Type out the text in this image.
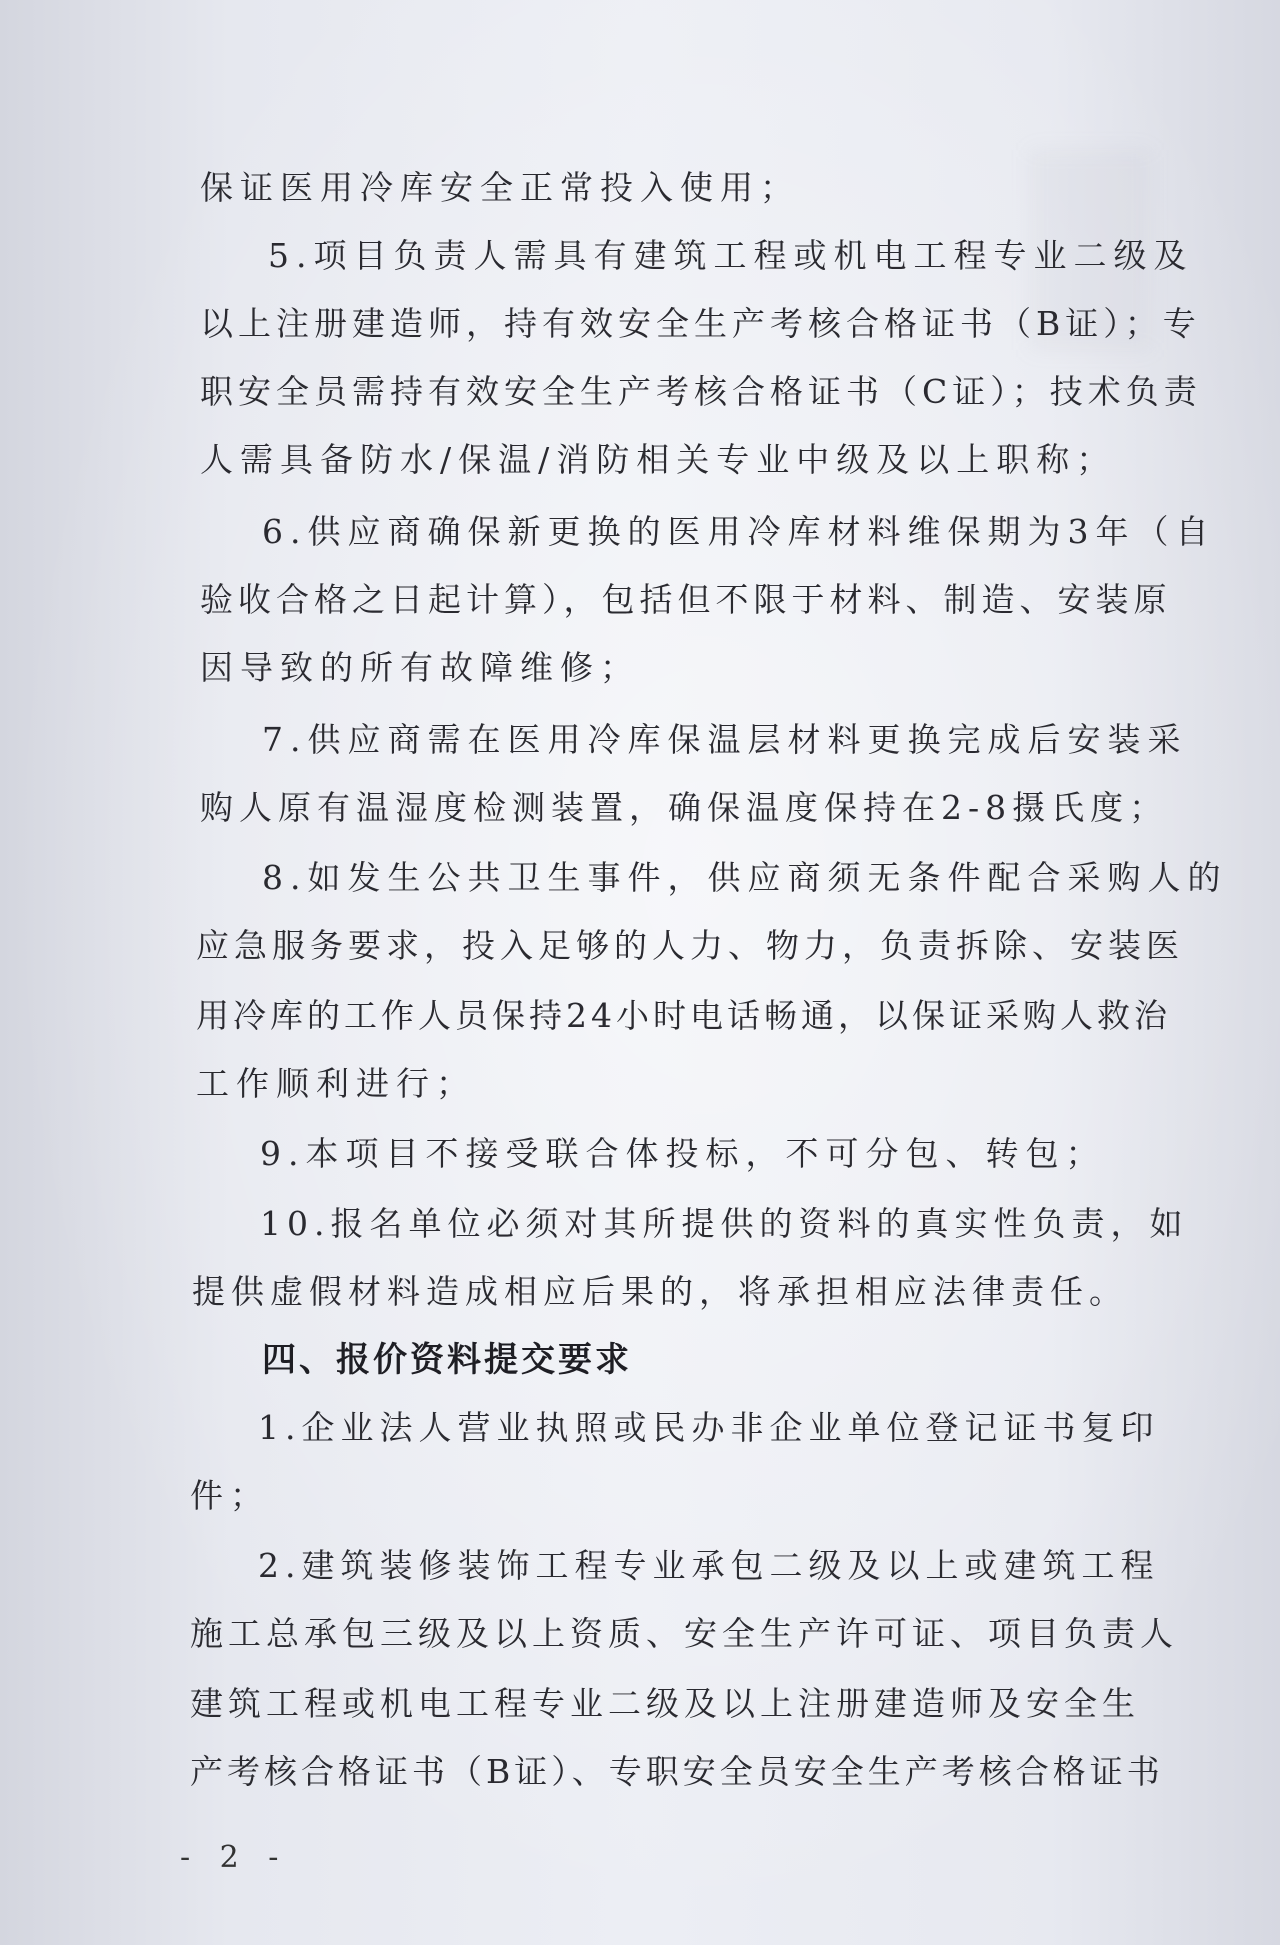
保证医用冷库安全正常投入使用；
5.项目负责人需具有建筑工程或机电工程专业二级及
以上注册建造师，持有效安全生产考核合格证书（B证）；专
职安全员需持有效安全生产考核合格证书（C证）；技术负责
人需具备防水/保温/消防相关专业中级及以上职称；
6.供应商确保新更换的医用冷库材料维保期为3年（自
验收合格之日起计算），包括但不限于材料、制造、安装原
因导致的所有故障维修；
7.供应商需在医用冷库保温层材料更换完成后安装采
购人原有温湿度检测装置，确保温度保持在2-8摄氏度；
8.如发生公共卫生事件，供应商须无条件配合采购人的
应急服务要求，投入足够的人力、物力，负责拆除、安装医
用冷库的工作人员保持24小时电话畅通，以保证采购人救治
工作顺利进行；
9.本项目不接受联合体投标，不可分包、转包；
10.报名单位必须对其所提供的资料的真实性负责，如
提供虚假材料造成相应后果的，将承担相应法律责任。
四、报价资料提交要求
1.企业法人营业执照或民办非企业单位登记证书复印
件；
2.建筑装修装饰工程专业承包二级及以上或建筑工程
施工总承包三级及以上资质、安全生产许可证、项目负责人
建筑工程或机电工程专业二级及以上注册建造师及安全生
产考核合格证书（B证）、专职安全员安全生产考核合格证书
- 2 -
